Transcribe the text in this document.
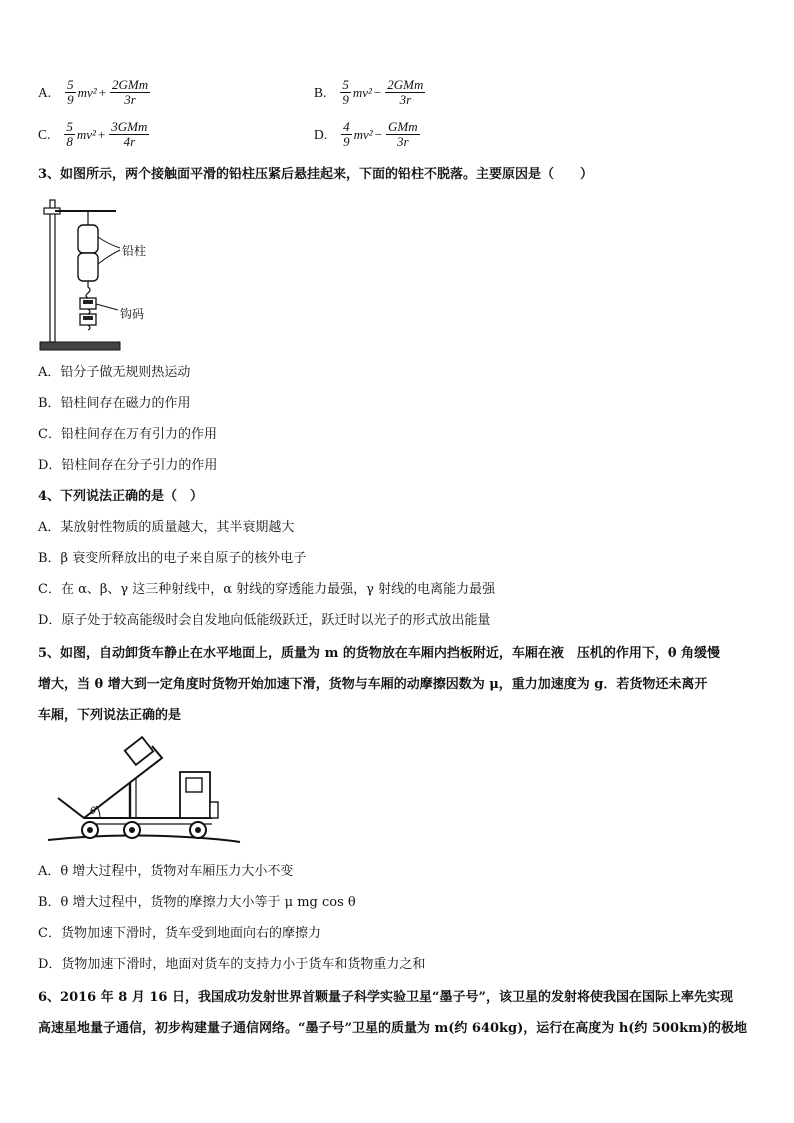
A. $\frac{5}{9} mv^2 + \frac{\text{2GMm}}{3r}$	B. $\frac{5}{9} mv^2 - \frac{\text{2GMm}}{3r}$
C. $\frac{5}{8} mv^2 + \frac{\text{3GMm}}{4r}$	D. $\frac{4}{9} mv^2 - \frac{\text{GMm}}{3r}$
3、如图所示，两个接触面平滑的铅柱压紧后悬挂起来，下面的铅柱不脱落。主要原因是（　　）
铅柱
钩码
A．铅分子做无规则热运动
B．铅柱间存在磁力的作用
C．铅柱间存在万有引力的作用
D．铅柱间存在分子引力的作用
4、下列说法正确的是（　）
A．某放射性物质的质量越大，其半衰期越大
B．β 衰变所释放出的电子来自原子的核外电子
C．在 α、β、γ 这三种射线中，α 射线的穿透能力最强，γ 射线的电离能力最强
D．原子处于较高能级时会自发地向低能级跃迁，跃迁时以光子的形式放出能量
5、如图，自动卸货车静止在水平地面上，质量为 m 的货物放在车厢内挡板附近，车厢在液　压机的作用下，θ 角缓慢
增大，当 θ 增大到一定角度时货物开始加速下滑，货物与车厢的动摩擦因数为 μ，重力加速度为 g．若货物还未离开
车厢，下列说法正确的是
θ
A．θ 增大过程中，货物对车厢压力大小不变
B．θ 增大过程中，货物的摩擦力大小等于 μ mg cos θ
C．货物加速下滑时，货车受到地面向右的摩擦力
D．货物加速下滑时，地面对货车的支持力小于货车和货物重力之和
6、2016 年 8 月 16 日，我国成功发射世界首颗量子科学实验卫星“墨子号”，该卫星的发射将使我国在国际上率先实现
高速星地量子通信，初步构建量子通信网络。“墨子号”卫星的质量为 m(约 640kg)，运行在高度为 h(约 500km)的极地
